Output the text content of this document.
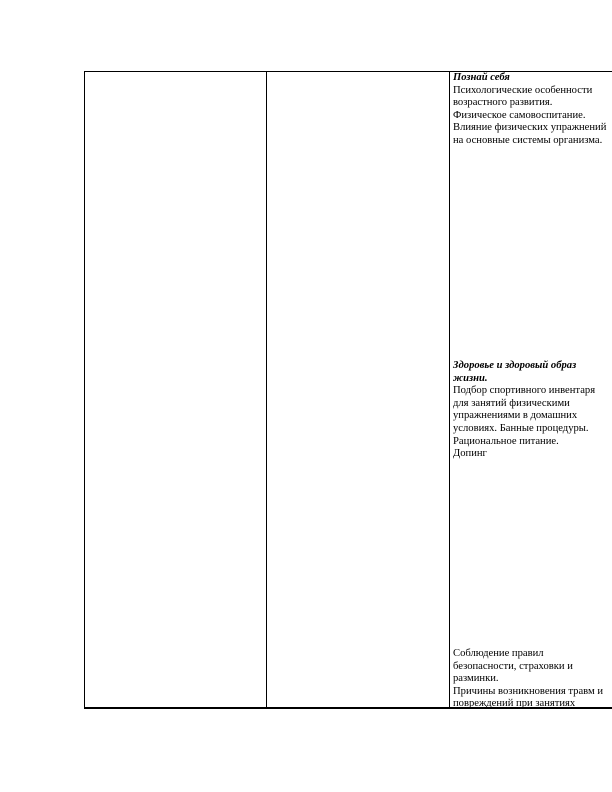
Познай себя
Психологические особенности
возрастного развития.
Физическое самовоспитание.
Влияние физических упражнений
на основные системы организма.
Здоровье и здоровый образ
жизни.
Подбор спортивного инвентаря
для занятий физическими
упражнениями в домашних
условиях. Банные процедуры.
Рациональное питание.
Допинг
Соблюдение правил
безопасности, страховки и
разминки.
Причины возникновения травм и
повреждений при занятиях
